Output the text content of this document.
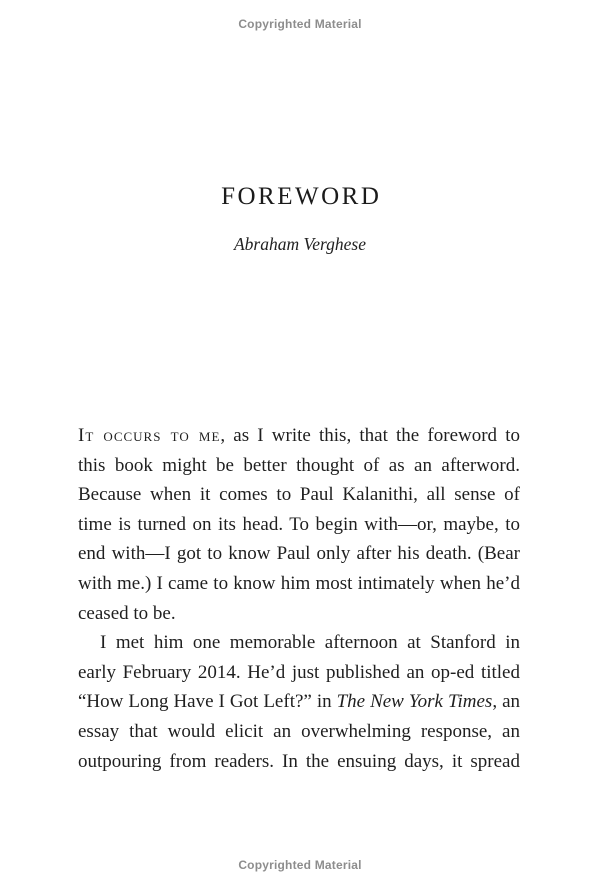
Copyrighted Material
FOREWORD
Abraham Verghese
It occurs to me, as I write this, that the foreword to
this book might be better thought of as an afterword.
Because when it comes to Paul Kalanithi, all sense of
time is turned on its head. To begin with—or, maybe, to
end with—I got to know Paul only after his death. (Bear
with me.) I came to know him most intimately when he’d
ceased to be.
I met him one memorable afternoon at Stanford in
early February 2014. He’d just published an op-ed titled
“How Long Have I Got Left?” in The New York Times, an
essay that would elicit an overwhelming response, an
outpouring from readers. In the ensuing days, it spread
Copyrighted Material
